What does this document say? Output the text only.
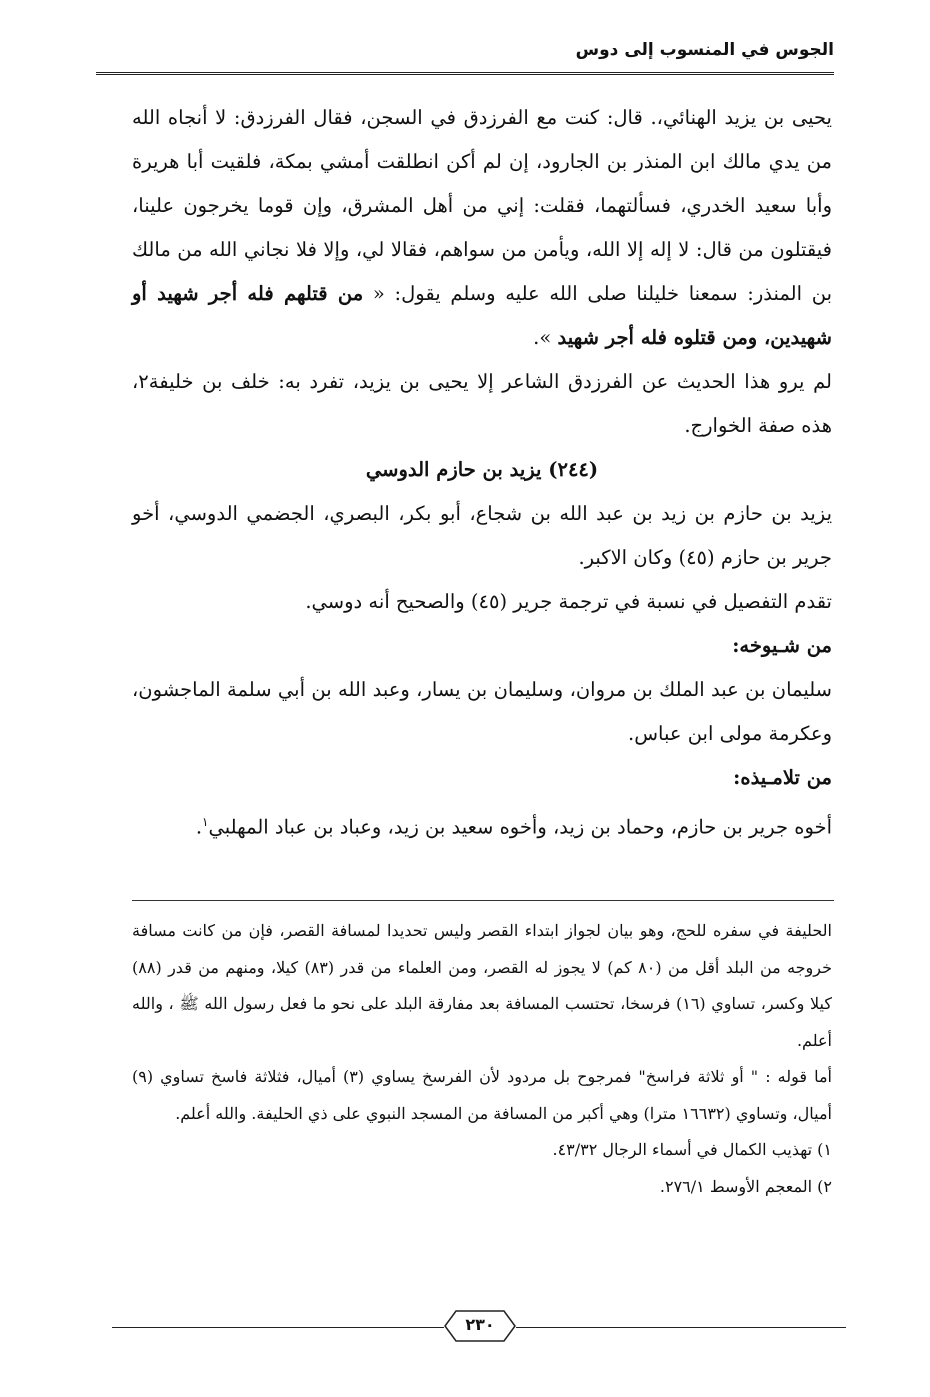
الجوس في المنسوب إلى دوس

يحيى بن يزيد الهنائي،. قال: كنت مع الفرزدق في السجن، فقال الفرزدق: لا أنجاه الله من يدي مالك ابن المنذر بن الجارود، إن لم أكن انطلقت أمشي بمكة، فلقيت أبا هريرة وأبا سعيد الخدري، فسألتهما، فقلت: إني من أهل المشرق، وإن قوما يخرجون علينا، فيقتلون من قال: لا إله إلا الله، ويأمن من سواهم، فقالا لي، وإلا فلا نجاني الله من مالك بن المنذر: سمعنا خليلنا صلى الله عليه وسلم يقول: « من قتلهم فله أجر شهيد أو شهيدين، ومن قتلوه فله أجر شهيد ».

لم يرو هذا الحديث عن الفرزدق الشاعر إلا يحيى بن يزيد، تفرد به: خلف بن خليفة٢، هذه صفة الخوارج.

(٢٤٤) يزيد بن حازم الدوسي

يزيد بن حازم بن زيد بن عبد الله بن شجاع، أبو بكر، البصري، الجضمي الدوسي، أخو جرير بن حازم (٤٥) وكان الاكبر.

تقدم التفصيل في نسبة في ترجمة جرير (٤٥) والصحيح أنه دوسي.

من شـيوخه:

سليمان بن عبد الملك بن مروان، وسليمان بن يسار، وعبد الله بن أبي سلمة الماجشون، وعكرمة مولى ابن عباس.

من تلامـيذه:

أخوه جرير بن حازم، وحماد بن زيد، وأخوه سعيد بن زيد، وعباد بن عباد المهلبي$^١$.

الحليفة في سفره للحج، وهو بيان لجواز ابتداء القصر وليس تحديدا لمسافة القصر، فإن من كانت مسافة خروجه من البلد أقل من (٨٠ كم) لا يجوز له القصر، ومن العلماء من قدر (٨٣) كيلا، ومنهم من قدر (٨٨) كيلا وكسر، تساوي (١٦) فرسخا، تحتسب المسافة بعد مفارقة البلد على نحو ما فعل رسول الله ﷺ ، والله أعلم.

أما قوله : " أو ثلاثة فراسخ" فمرجوح بل مردود لأن الفرسخ يساوي (٣) أميال، فثلاثة فاسخ تساوي (٩) أميال، وتساوي (١٦٦٣٢ مترا) وهي أكبر من المسافة من المسجد النبوي على ذي الحليفة. والله أعلم.

١) تهذيب الكمال في أسماء الرجال ٤٣/٣٢.

٢) المعجم الأوسط ٢٧٦/١.

٢٣٠
